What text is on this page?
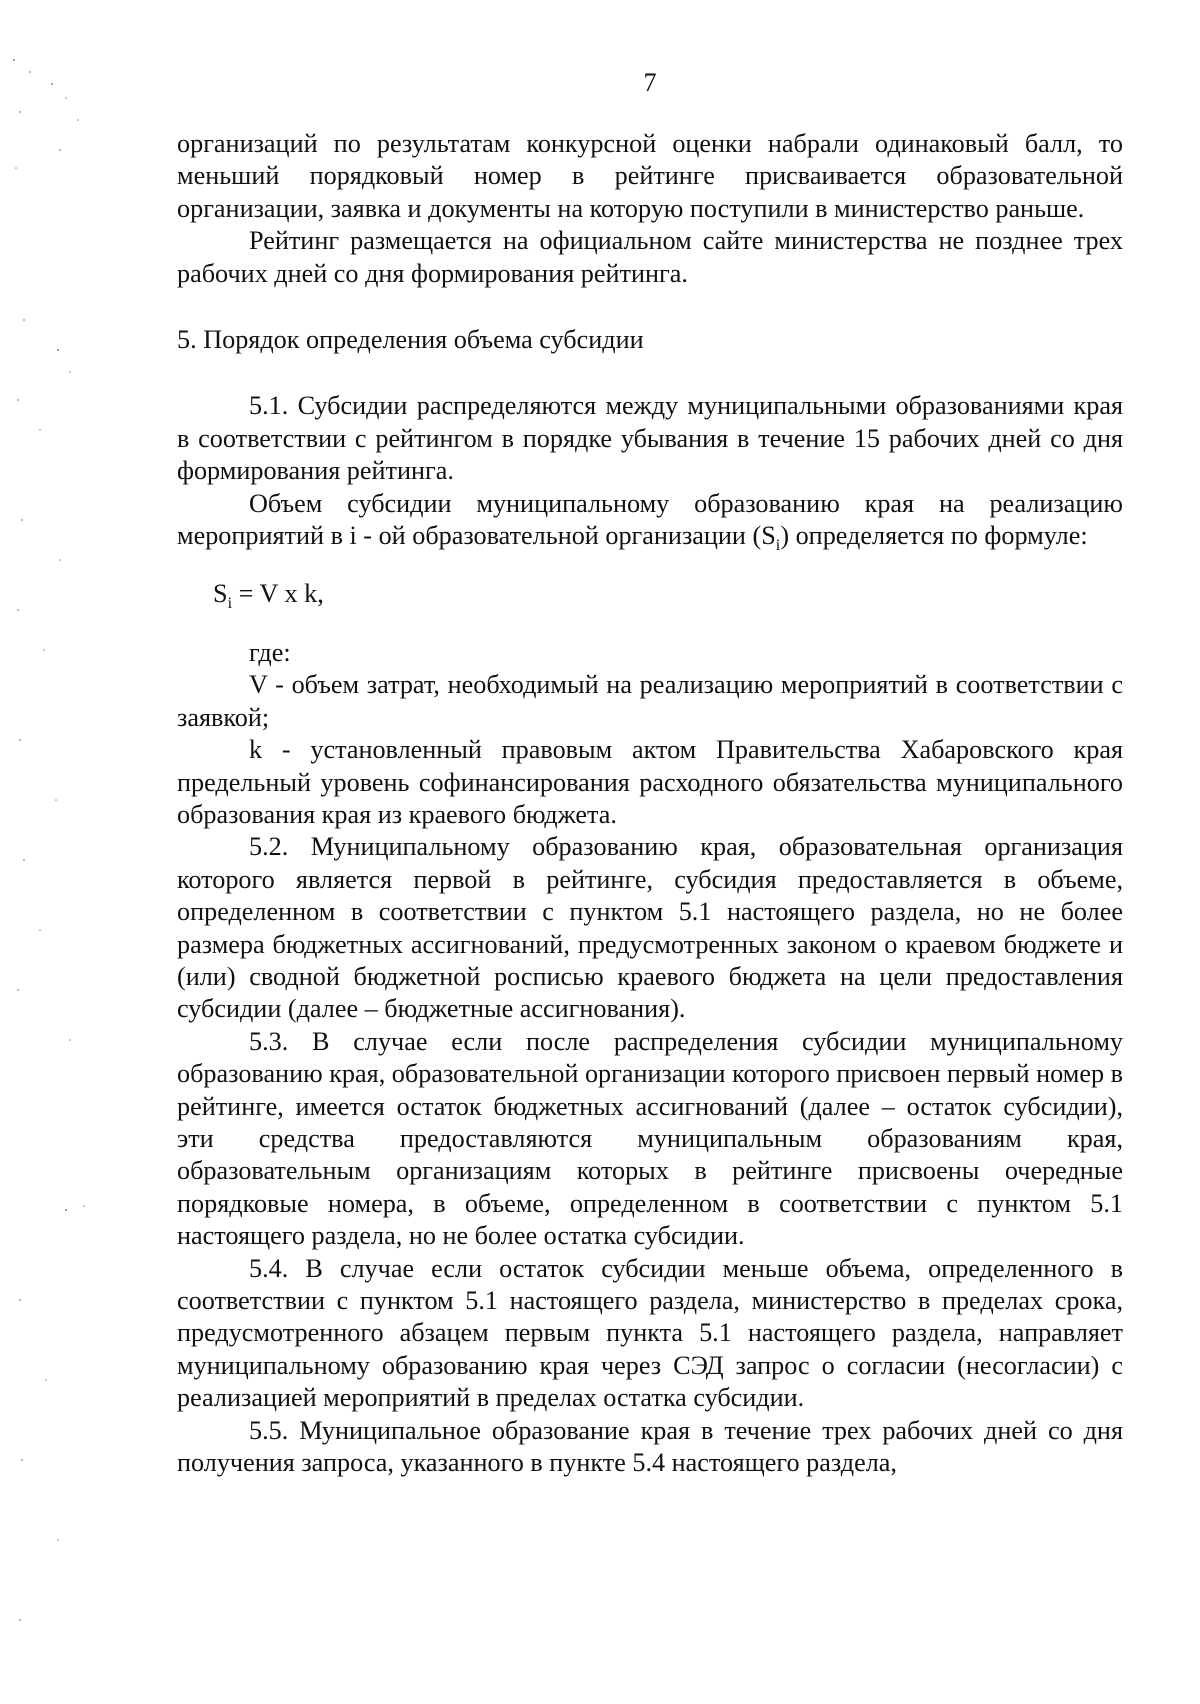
7

организаций по результатам конкурсной оценки набрали одинаковый балл, то меньший порядковый номер в рейтинге присваивается образовательной организации, заявка и документы на которую поступили в министерство раньше.

Рейтинг размещается на официальном сайте министерства не позднее трех рабочих дней со дня формирования рейтинга.

5. Порядок определения объема субсидии

5.1. Субсидии распределяются между муниципальными образованиями края в соответствии с рейтингом в порядке убывания в течение 15 рабочих дней со дня формирования рейтинга.

Объем субсидии муниципальному образованию края на реализацию мероприятий в i - ой образовательной организации $(S_i)$ определяется по формуле:

$S_i = V$ x k,

где:

V - объем затрат, необходимый на реализацию мероприятий в соответствии с заявкой;

k - установленный правовым актом Правительства Хабаровского края предельный уровень софинансирования расходного обязательства муниципального образования края из краевого бюджета.

5.2. Муниципальному образованию края, образовательная организация которого является первой в рейтинге, субсидия предоставляется в объеме, определенном в соответствии с пунктом 5.1 настоящего раздела, но не более размера бюджетных ассигнований, предусмотренных законом о краевом бюджете и (или) сводной бюджетной росписью краевого бюджета на цели предоставления субсидии (далее – бюджетные ассигнования).

5.3. В случае если после распределения субсидии муниципальному образованию края, образовательной организации которого присвоен первый номер в рейтинге, имеется остаток бюджетных ассигнований (далее – остаток субсидии), эти средства предоставляются муниципальным образованиям края, образовательным организациям которых в рейтинге присвоены очередные порядковые номера, в объеме, определенном в соответствии с пунктом 5.1 настоящего раздела, но не более остатка субсидии.

5.4. В случае если остаток субсидии меньше объема, определенного в соответствии с пунктом 5.1 настоящего раздела, министерство в пределах срока, предусмотренного абзацем первым пункта 5.1 настоящего раздела, направляет муниципальному образованию края через СЭД запрос о согласии (несогласии) с реализацией мероприятий в пределах остатка субсидии.

5.5. Муниципальное образование края в течение трех рабочих дней со дня получения запроса, указанного в пункте 5.4 настоящего раздела,
